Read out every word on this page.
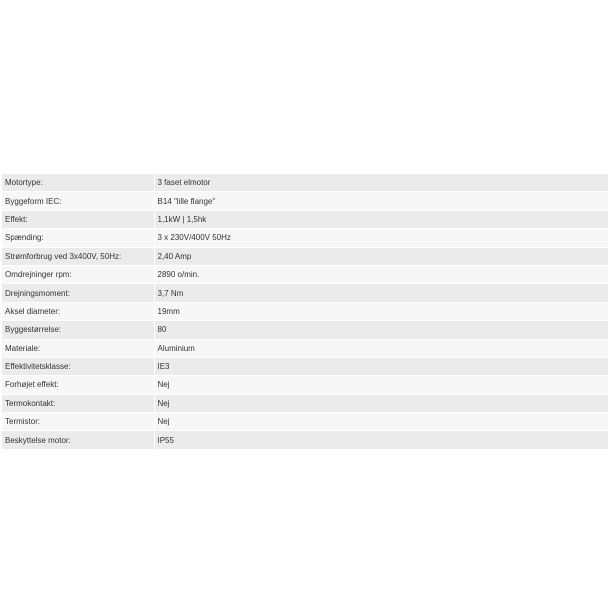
Motortype:	3 faset elmotor
Byggeform IEC:	B14 "lille flange"
Effekt:	1,1kW | 1,5hk
Spænding:	3 x 230V/400V 50Hz
Strømforbrug ved 3x400V, 50Hz:	2,40 Amp
Omdrejninger rpm:	2890 o/min.
Drejningsmoment:	3,7 Nm
Aksel diameter:	19mm
Byggestørrelse:	80
Materiale:	Aluminium
Effektivitetsklasse:	IE3
Forhøjet effekt:	Nej
Termokontakt:	Nej
Termistor:	Nej
Beskyttelse motor:	IP55
